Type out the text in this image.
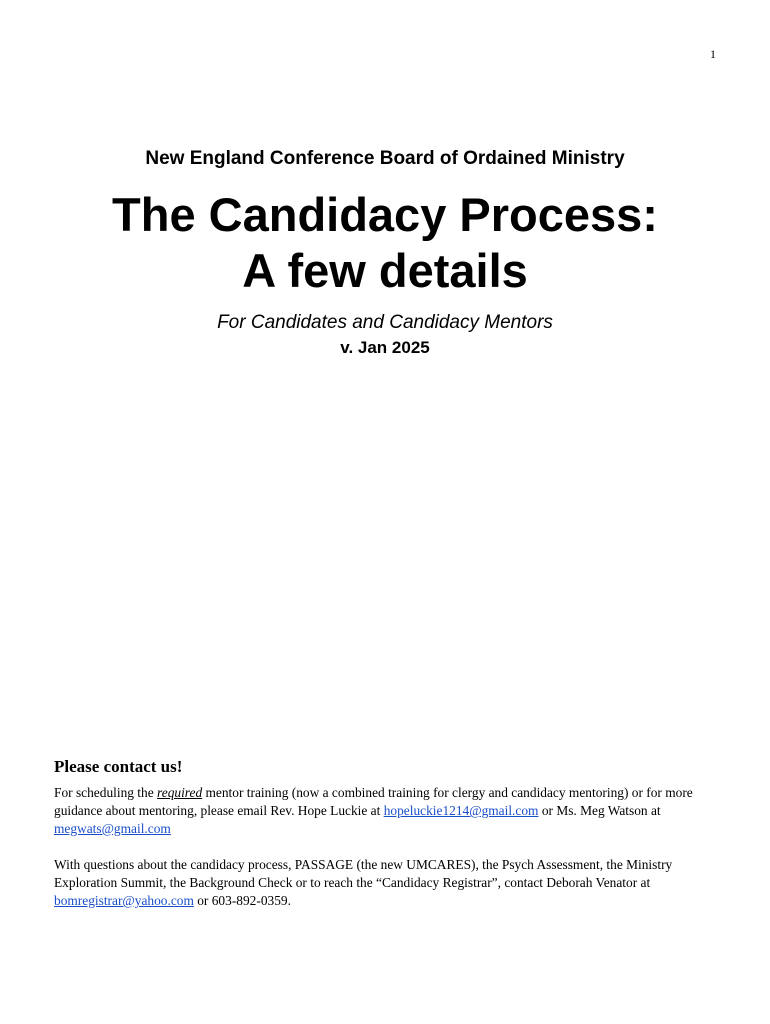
1

New England Conference Board of Ordained Ministry

The Candidacy Process:
A few details

For Candidates and Candidacy Mentors

v. Jan 2025

Please contact us!

For scheduling the required mentor training (now a combined training for clergy and candidacy mentoring) or for more guidance about mentoring, please email Rev. Hope Luckie at hopeluckie1214@gmail.com or Ms. Meg Watson at megwats@gmail.com

With questions about the candidacy process, PASSAGE (the new UMCARES), the Psych Assessment, the Ministry Exploration Summit, the Background Check or to reach the “Candidacy Registrar”, contact Deborah Venator at bomregistrar@yahoo.com or 603-892-0359.
